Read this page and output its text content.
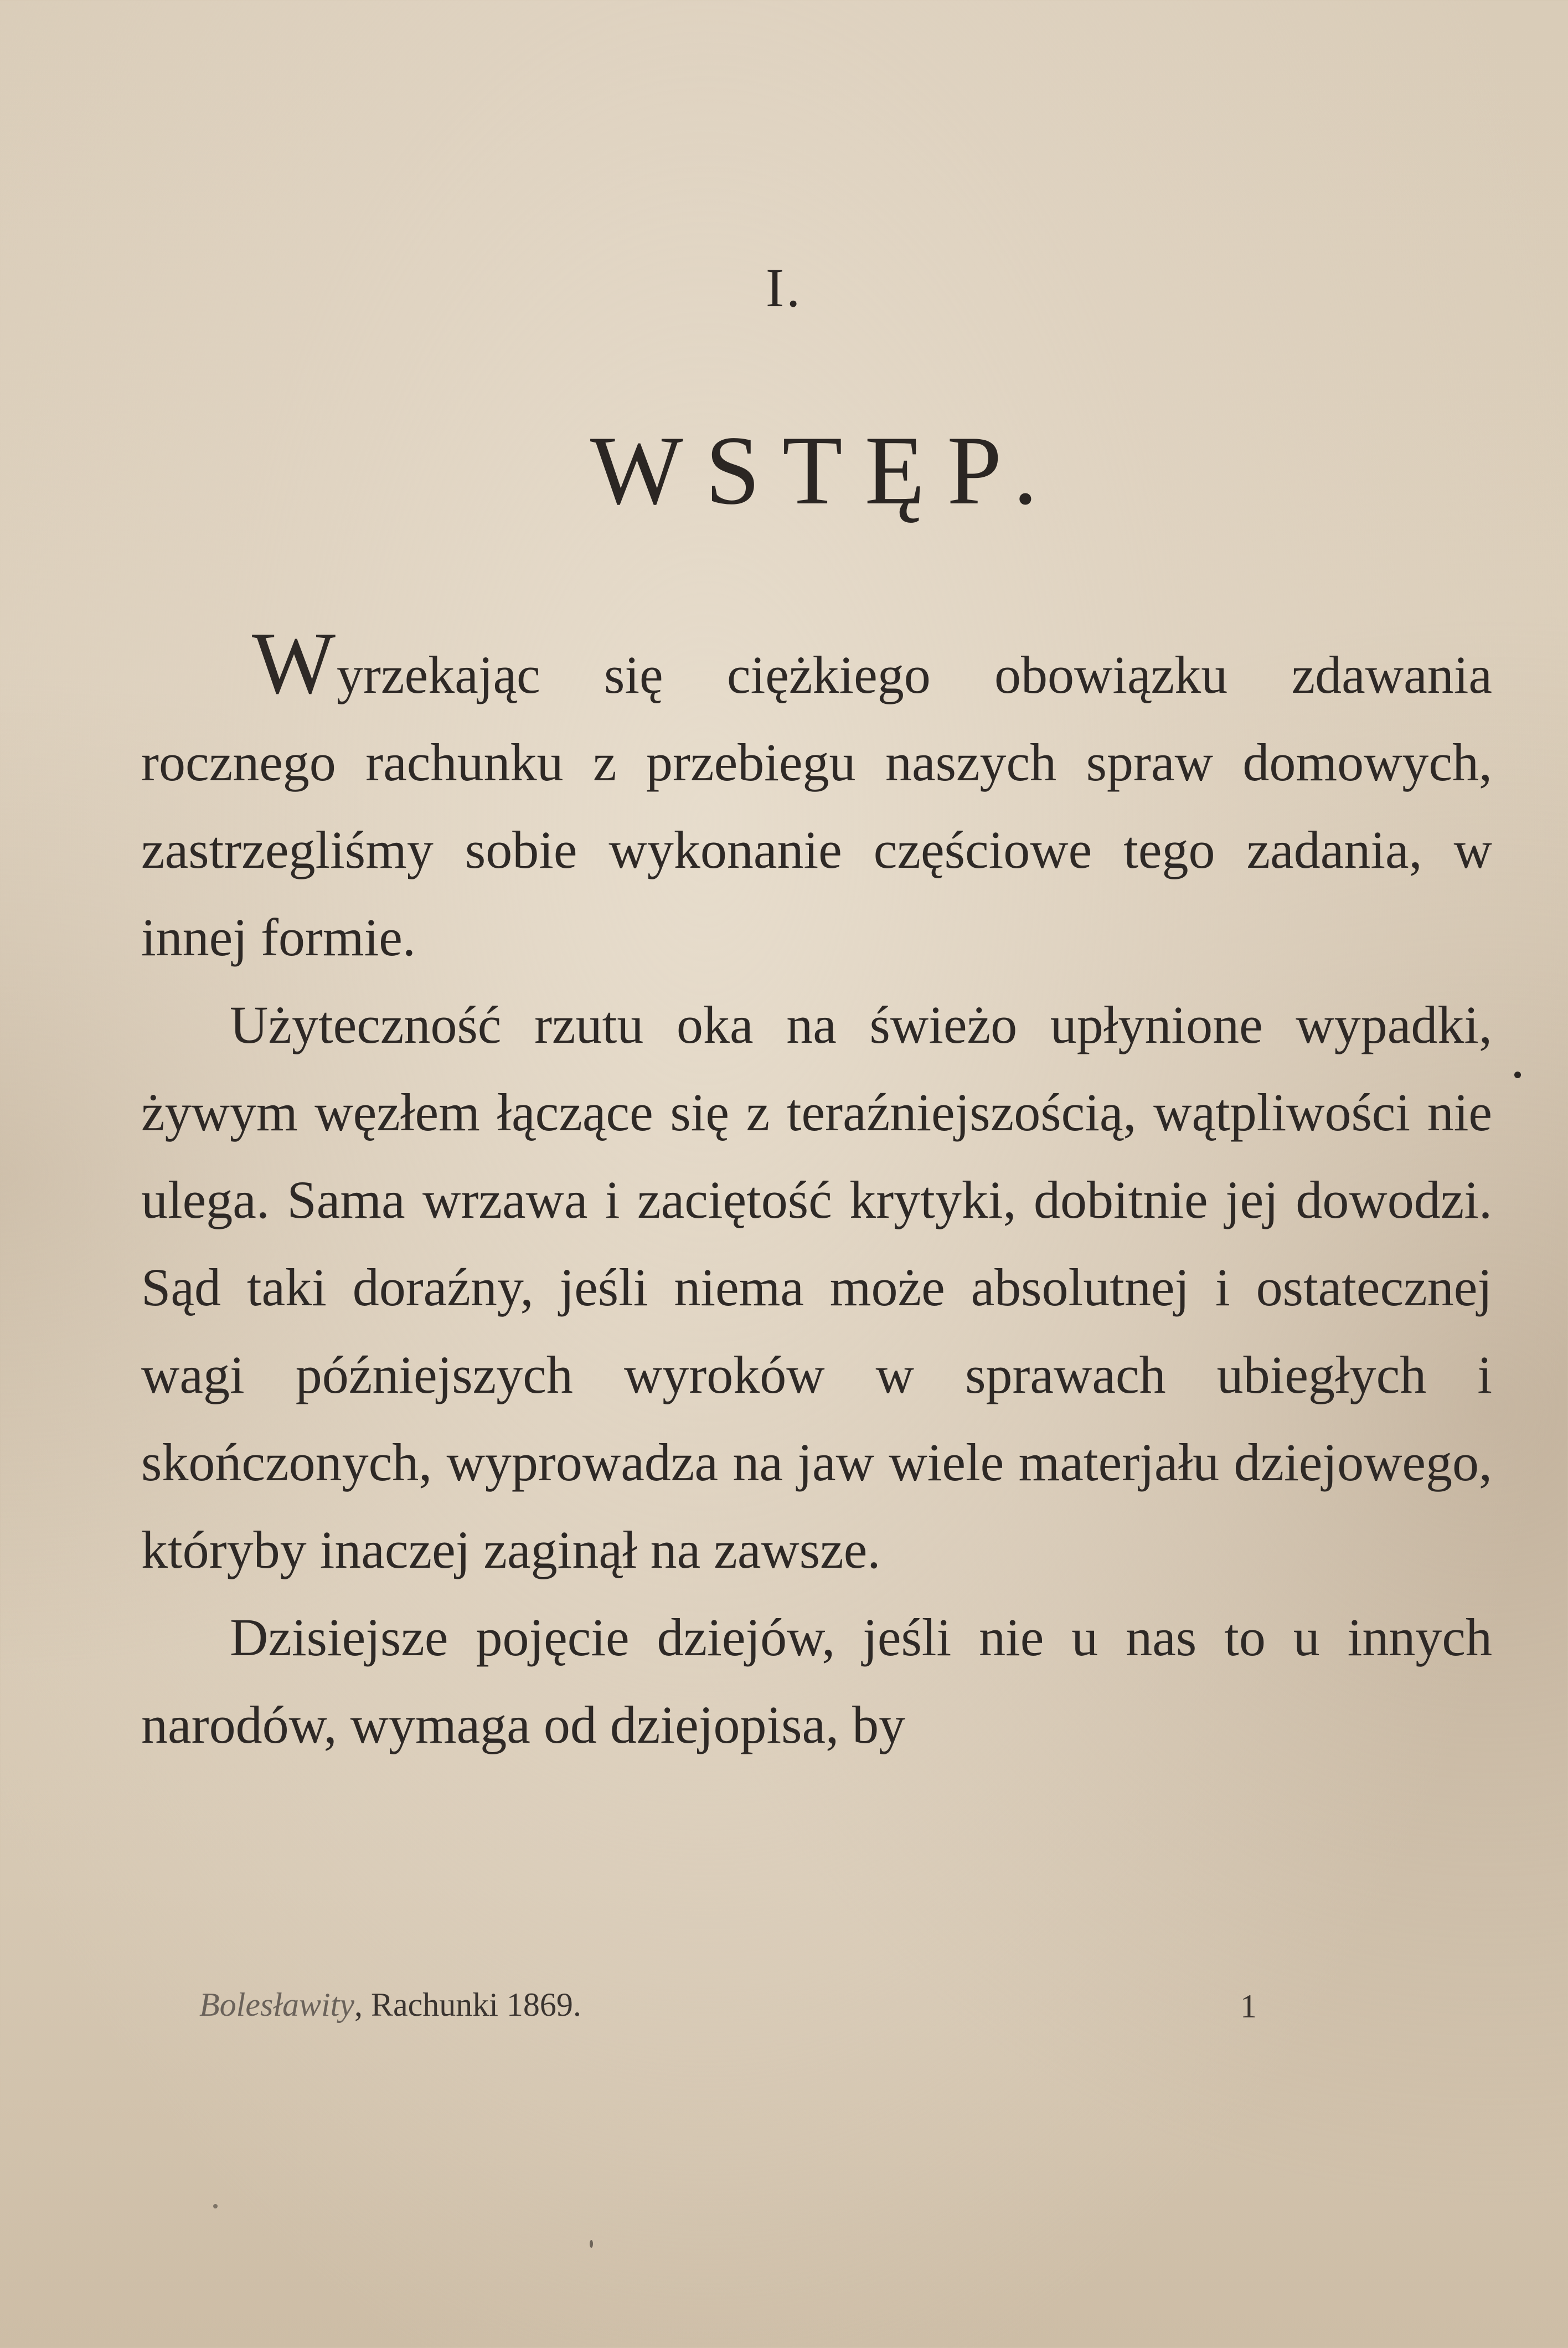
I.
WSTĘP.

Wyrzekając się ciężkiego obowiązku zdawania rocznego rachunku z przebiegu naszych spraw domowych, zastrzegliśmy sobie wykonanie częściowe tego zadania, w innej formie.

Użyteczność rzutu oka na świeżo upłynione wypadki, żywym węzłem łączące się z teraźniejszością, wątpliwości nie ulega. Sama wrzawa i zaciętość krytyki, dobitnie jej dowodzi. Sąd taki doraźny, jeśli niema może absolutnej i ostatecznej wagi późniejszych wyroków w sprawach ubiegłych i skończonych, wyprowadza na jaw wiele materjału dziejowego, któryby inaczej zaginął na zawsze.

Dzisiejsze pojęcie dziejów, jeśli nie u nas to u innych narodów, wymaga od dziejopisa, by

Bolesławity, Rachunki 1869.	1
